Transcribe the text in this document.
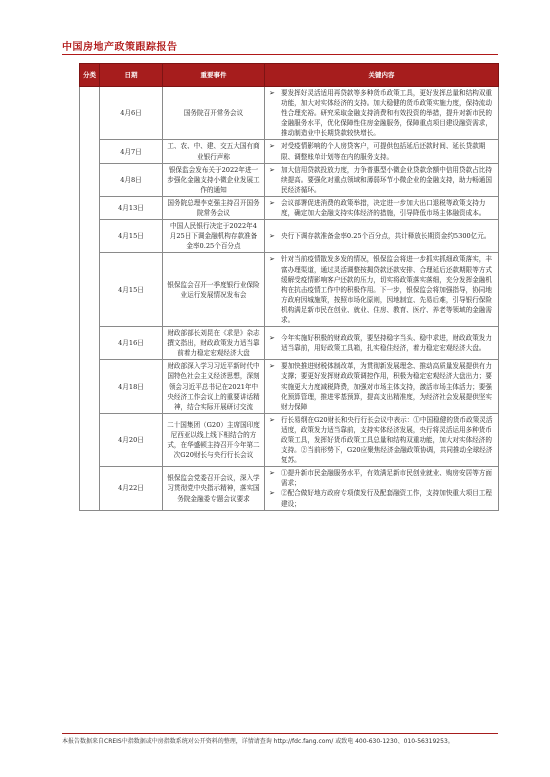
中国房地产政策跟踪报告
分类	日期	重要事件	关键内容
	4月6日	国务院召开常务会议	➢ 要发挥好灵活适用再贷款等多种货币政策工具，更好发挥总量和结构双重功能，加大对实体经济的支持。加大稳健的货币政策实施力度，保持流动性合理充裕。研究采取金融支持消费和有效投资的举措，提升对新市民的金融服务水平，优化保障性住房金融服务，保障重点项目建设融资需求，推动制造业中长期贷款较快增长。

	4月7日	工、农、中、建、交五大国有商业银行声称	➢ 对受疫情影响的个人房贷客户，可提供包括延后还款时间、延长贷款期限、调整账单计划等在内的服务支持。

	4月8日	银保监会发布关于2022年进一步强化金融支持小微企业发展工作的通知	➢ 加大信用贷款投放力度，力争普惠型小微企业贷款余额中信用贷款占比持续提高。要强化对重点领域和薄弱环节小微企业的金融支持，助力畅通国民经济循环。

	4月13日	国务院总理李克强主持召开国务院常务会议	➢ 会议部署促进消费的政策举措，决定进一步加大出口退税等政策支持力度，确定加大金融支持实体经济的措施，引导降低市场主体融资成本。

	4月15日	中国人民银行决定于2022年4月25日下调金融机构存款准备金率0.25个百分点	➢ 央行下调存款准备金率0.25个百分点，共计释放长期资金约5300亿元。

	4月15日	银保监会召开一季度银行业保险业运行发展情况发布会	➢ 针对当前疫情散发多发的情况，银保监会将进一步抓实抓细政策落实，丰富办理渠道，通过灵活调整按揭贷款还款安排、合理延后还款期限等方式缓解受疫情影响客户还款的压力，切实将政策落实落细，充分发挥金融机构在抗击疫情工作中的积极作用。下一步，银保监会将加强指导，协同地方政府因城施策，按照市场化原则，因地制宜、先易后难，引导银行保险机构满足新市民在创业、就业、住房、教育、医疗、养老等领域的金融需求。

	4月16日	财政部部长刘昆在《求是》杂志撰文指出，财政政策发力适当靠前着力稳定宏观经济大盘	➢ 今年实施好积极的财政政策，要坚持稳字当头、稳中求进，财政政策发力适当靠前，用好政策工具箱，扎实稳住经济，着力稳定宏观经济大盘。

	4月18日	财政部深入学习习近平新时代中国特色社会主义经济思想，深刻领会习近平总书记在2021年中央经济工作会议上的重要讲话精神，结合实际开展研讨交流	➢ 要加快推进财税体制改革，为贯彻新发展理念、推动高质量发展提供有力支撑；要更好发挥财政政策调控作用，积极为稳定宏观经济大盘出力；要实施更大力度减税降费，加强对市场主体支持，激活市场主体活力；要强化预算管理，推进零基预算，提高支出精准度，为经济社会发展提供坚实财力保障

	4月20日	二十国集团（G20）主席国印度尼西亚以线上线下相结合的方式，在华盛顿主持召开今年第二次G20财长与央行行长会议	➢ 行长易纲在G20财长和央行行长会议中表示：①中国稳健的货币政策灵活适度，政策发力适当靠前，支持实体经济发展，央行将灵活运用多种货币政策工具，发挥好货币政策工具总量和结构双重功能，加大对实体经济的支持。②当前形势下，G20应聚焦经济金融政策协调，共同推动全球经济复苏。

	4月22日	银保监会党委召开会议，深入学习贯彻党中央指示精神，落实国务院金融委专题会议要求	➢ ①提升新市民金融服务水平，有效满足新市民创业就业、购房安居等方面需求；
➢ ②配合做好地方政府专项债发行及配套融资工作，支持加快重大项目工程建设；
本报告数据来自CREIS中指数据或中房指数系统对公开资料的整理，详情请查询 http://fdc.fang.com/ 或致电 400-630-1230、010-56319253。
